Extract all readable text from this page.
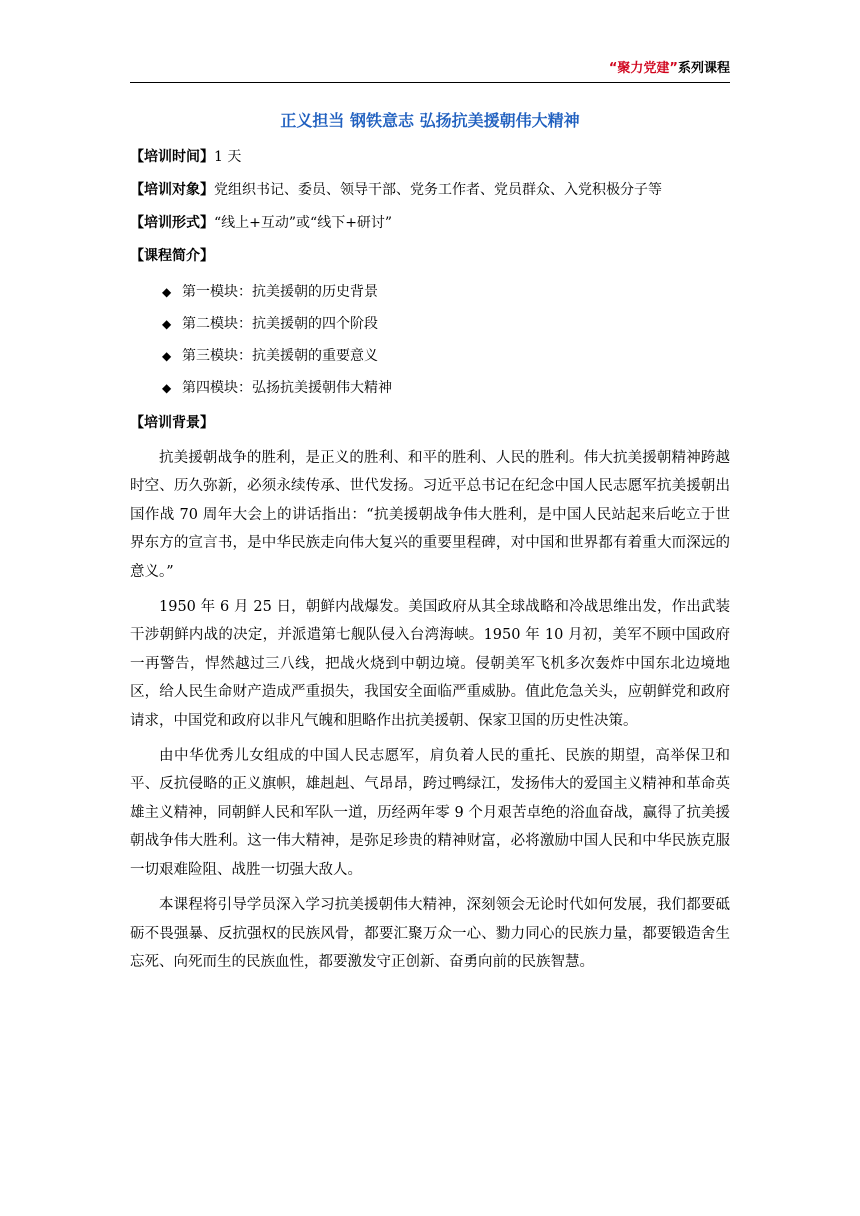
“聚力党建”系列课程
正义担当 钢铁意志 弘扬抗美援朝伟大精神
【培训时间】1 天
【培训对象】党组织书记、委员、领导干部、党务工作者、党员群众、入党积极分子等
【培训形式】“线上+互动”或“线下+研讨”
【课程简介】
◆ 第一模块：抗美援朝的历史背景
◆ 第二模块：抗美援朝的四个阶段
◆ 第三模块：抗美援朝的重要意义
◆ 第四模块：弘扬抗美援朝伟大精神
【培训背景】

抗美援朝战争的胜利，是正义的胜利、和平的胜利、人民的胜利。伟大抗美援朝精神跨越时空、历久弥新，必须永续传承、世代发扬。习近平总书记在纪念中国人民志愿军抗美援朝出国作战 70 周年大会上的讲话指出：“抗美援朝战争伟大胜利，是中国人民站起来后屹立于世界东方的宣言书，是中华民族走向伟大复兴的重要里程碑，对中国和世界都有着重大而深远的意义。”

1950 年 6 月 25 日，朝鲜内战爆发。美国政府从其全球战略和冷战思维出发，作出武装干涉朝鲜内战的决定，并派遣第七舰队侵入台湾海峡。1950 年 10 月初，美军不顾中国政府一再警告，悍然越过三八线，把战火烧到中朝边境。侵朝美军飞机多次轰炸中国东北边境地区，给人民生命财产造成严重损失，我国安全面临严重威胁。值此危急关头，应朝鲜党和政府请求，中国党和政府以非凡气魄和胆略作出抗美援朝、保家卫国的历史性决策。

由中华优秀儿女组成的中国人民志愿军，肩负着人民的重托、民族的期望，高举保卫和平、反抗侵略的正义旗帜，雄赳赳、气昂昂，跨过鸭绿江，发扬伟大的爱国主义精神和革命英雄主义精神，同朝鲜人民和军队一道，历经两年零 9 个月艰苦卓绝的浴血奋战，赢得了抗美援朝战争伟大胜利。这一伟大精神，是弥足珍贵的精神财富，必将激励中国人民和中华民族克服一切艰难险阻、战胜一切强大敌人。

本课程将引导学员深入学习抗美援朝伟大精神，深刻领会无论时代如何发展，我们都要砥砺不畏强暴、反抗强权的民族风骨，都要汇聚万众一心、勠力同心的民族力量，都要锻造舍生忘死、向死而生的民族血性，都要激发守正创新、奋勇向前的民族智慧。
